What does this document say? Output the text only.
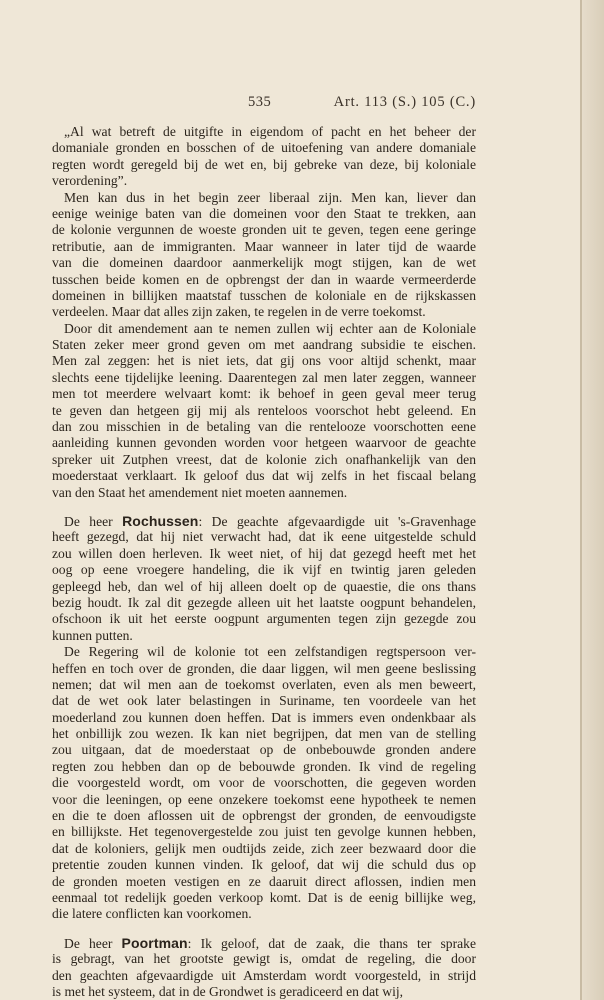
535	Art. 113 (S.) 105 (C.)
„Al wat betreft de uitgifte in eigendom of pacht en het beheer der
domaniale gronden en bosschen of de uitoefening van andere domaniale
regten wordt geregeld bij de wet en, bij gebreke van deze, bij koloniale
verordening”.
Men kan dus in het begin zeer liberaal zijn. Men kan, liever dan
eenige weinige baten van die domeinen voor den Staat te trekken, aan
de kolonie vergunnen de woeste gronden uit te geven, tegen eene geringe
retributie, aan de immigranten. Maar wanneer in later tijd de waarde
van die domeinen daardoor aanmerkelijk mogt stijgen, kan de wet
tusschen beide komen en de opbrengst der dan in waarde vermeerderde
domeinen in billijken maatstaf tusschen de koloniale en de rijkskassen
verdeelen. Maar dat alles zijn zaken, te regelen in de verre toekomst.
Door dit amendement aan te nemen zullen wij echter aan de Koloniale
Staten zeker meer grond geven om met aandrang subsidie te eischen.
Men zal zeggen: het is niet iets, dat gij ons voor altijd schenkt, maar
slechts eene tijdelijke leening. Daarentegen zal men later zeggen, wanneer
men tot meerdere welvaart komt: ik behoef in geen geval meer terug
te geven dan hetgeen gij mij als renteloos voorschot hebt geleend. En
dan zou misschien in de betaling van die rentelooze voorschotten eene
aanleiding kunnen gevonden worden voor hetgeen waarvoor de geachte
spreker uit Zutphen vreest, dat de kolonie zich onafhankelijk van den
moederstaat verklaart. Ik geloof dus dat wij zelfs in het fiscaal belang
van den Staat het amendement niet moeten aannemen.
De heer Rochussen: De geachte afgevaardigde uit 's-Gravenhage
heeft gezegd, dat hij niet verwacht had, dat ik eene uitgestelde schuld
zou willen doen herleven. Ik weet niet, of hij dat gezegd heeft met het
oog op eene vroegere handeling, die ik vijf en twintig jaren geleden
gepleegd heb, dan wel of hij alleen doelt op de quaestie, die ons thans
bezig houdt. Ik zal dit gezegde alleen uit het laatste oogpunt behandelen,
ofschoon ik uit het eerste oogpunt argumenten tegen zijn gezegde zou
kunnen putten.
De Regering wil de kolonie tot een zelfstandigen regtspersoon ver-
heffen en toch over de gronden, die daar liggen, wil men geene beslissing
nemen; dat wil men aan de toekomst overlaten, even als men beweert,
dat de wet ook later belastingen in Suriname, ten voordeele van het
moederland zou kunnen doen heffen. Dat is immers even ondenkbaar als
het onbillijk zou wezen. Ik kan niet begrijpen, dat men van de stelling
zou uitgaan, dat de moederstaat op de onbebouwde gronden andere
regten zou hebben dan op de bebouwde gronden. Ik vind de regeling
die voorgesteld wordt, om voor de voorschotten, die gegeven worden
voor die leeningen, op eene onzekere toekomst eene hypotheek te nemen
en die te doen aflossen uit de opbrengst der gronden, de eenvoudigste
en billijkste. Het tegenovergestelde zou juist ten gevolge kunnen hebben,
dat de koloniers, gelijk men oudtijds zeide, zich zeer bezwaard door die
pretentie zouden kunnen vinden. Ik geloof, dat wij die schuld dus op
de gronden moeten vestigen en ze daaruit direct aflossen, indien men
eenmaal tot redelijk goeden verkoop komt. Dat is de eenig billijke weg,
die latere conflicten kan voorkomen.
De heer Poortman: Ik geloof, dat de zaak, die thans ter sprake
is gebragt, van het grootste gewigt is, omdat de regeling, die door
den geachten afgevaardigde uit Amsterdam wordt voorgesteld, in strijd
is met het systeem, dat in de Grondwet is geradiceerd en dat wij,
